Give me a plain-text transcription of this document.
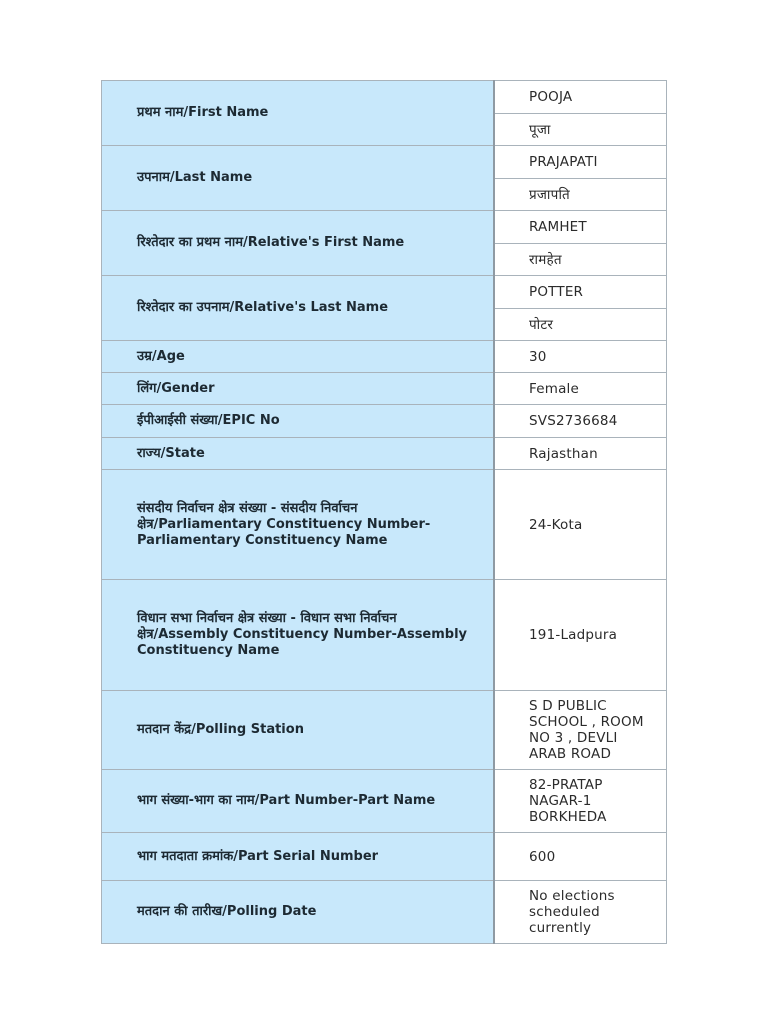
प्रथम नाम/First Name	POOJA
	पूजा
उपनाम/Last Name	PRAJAPATI
	प्रजापति
रिश्तेदार का प्रथम नाम/Relative's First Name	RAMHET
	रामहेत
रिश्तेदार का उपनाम/Relative's Last Name	POTTER
	पोटर
उम्र/Age	30
लिंग/Gender	Female
ईपीआईसी संख्या/EPIC No	SVS2736684
राज्य/State	Rajasthan
संसदीय निर्वाचन क्षेत्र संख्या - संसदीय निर्वाचन क्षेत्र/Parliamentary Constituency Number-Parliamentary Constituency Name	24-Kota
विधान सभा निर्वाचन क्षेत्र संख्या - विधान सभा निर्वाचन क्षेत्र/Assembly Constituency Number-Assembly Constituency Name	191-Ladpura
मतदान केंद्र/Polling Station	S D PUBLIC SCHOOL , ROOM NO 3 , DEVLI ARAB ROAD
भाग संख्या-भाग का नाम/Part Number-Part Name	82-PRATAP NAGAR-1 BORKHEDA
भाग मतदाता क्रमांक/Part Serial Number	600
मतदान की तारीख/Polling Date	No elections scheduled currently
